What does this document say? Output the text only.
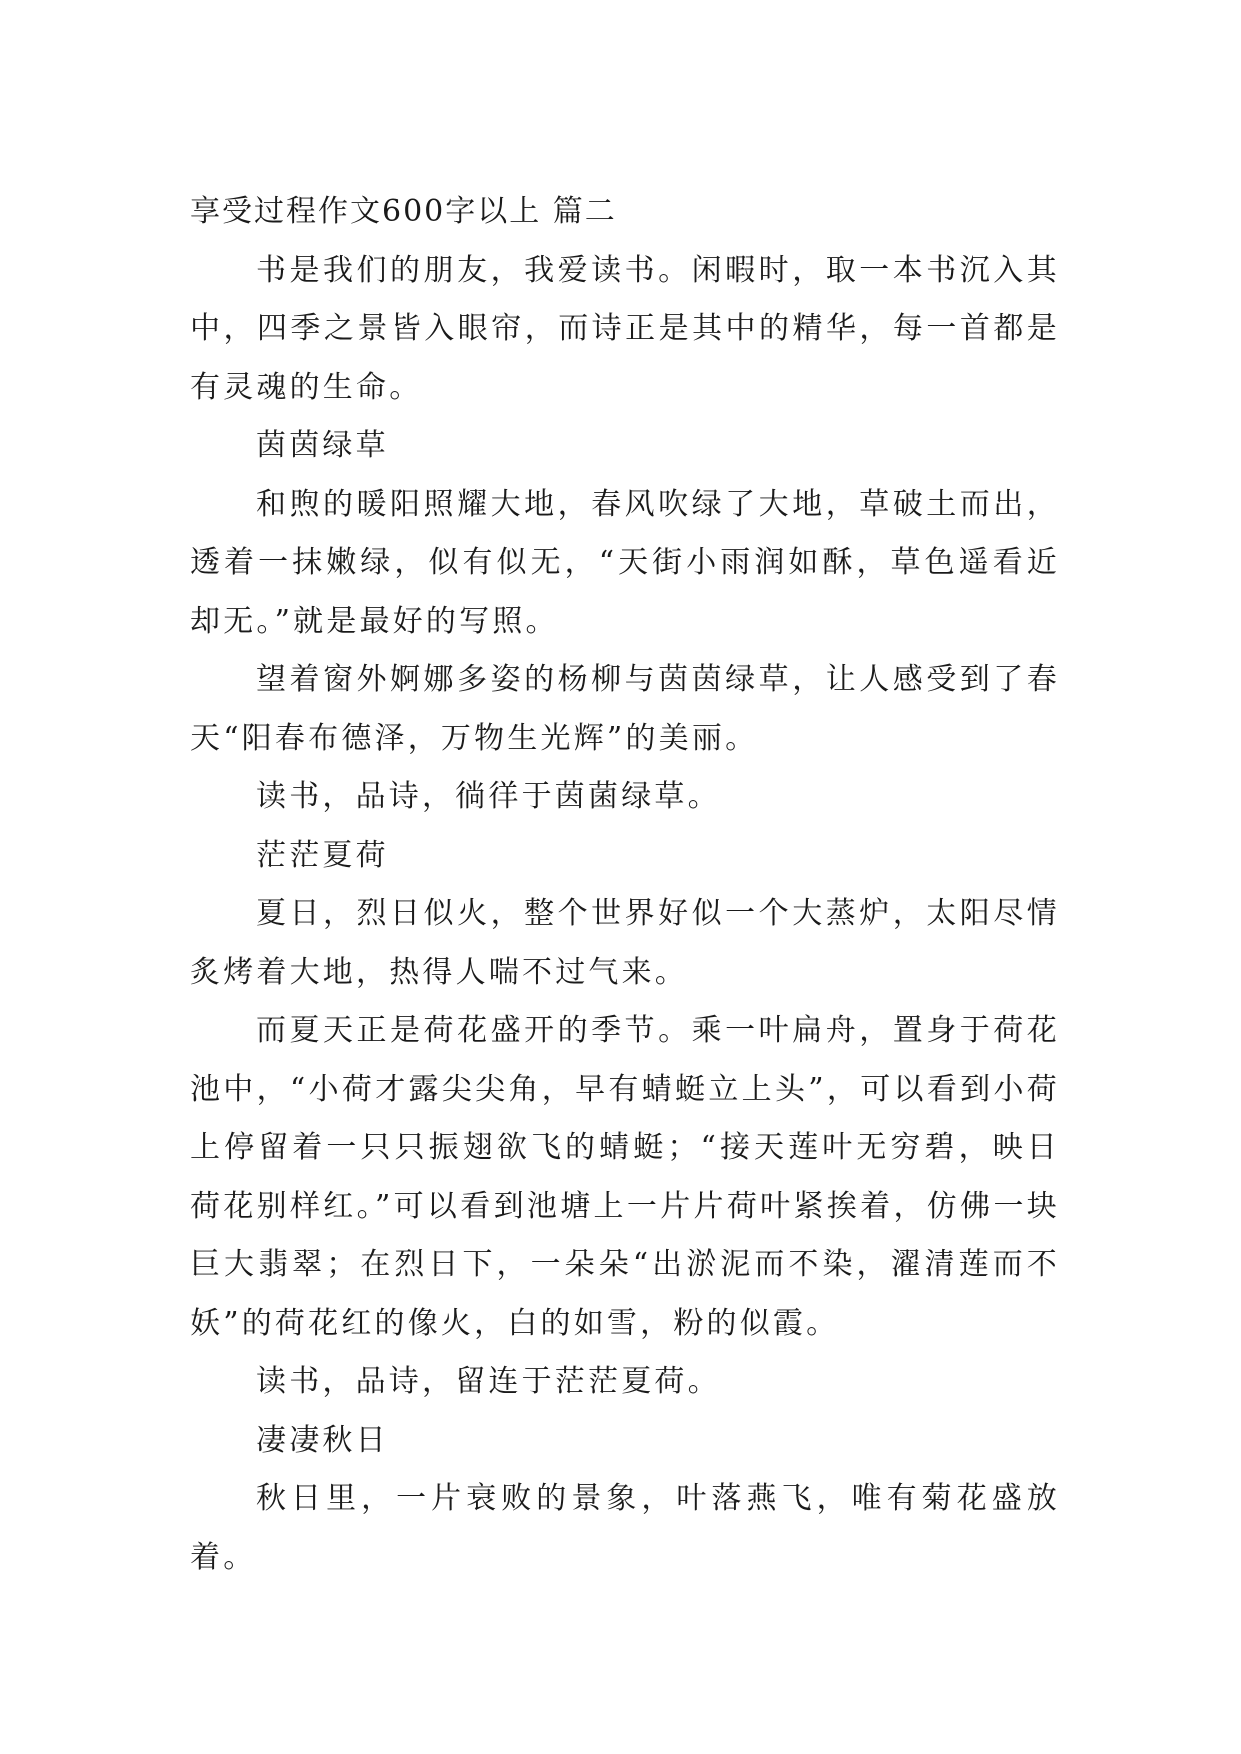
享受过程作文600字以上 篇二

书是我们的朋友，我爱读书。闲暇时，取一本书沉入其中，四季之景皆入眼帘，而诗正是其中的精华，每一首都是有灵魂的生命。

茵茵绿草

和煦的暖阳照耀大地，春风吹绿了大地，草破土而出，透着一抹嫩绿，似有似无，“天街小雨润如酥，草色遥看近却无。”就是最好的写照。

望着窗外婀娜多姿的杨柳与茵茵绿草，让人感受到了春天“阳春布德泽，万物生光辉”的美丽。

读书，品诗，徜徉于茵菌绿草。

茫茫夏荷

夏日，烈日似火，整个世界好似一个大蒸炉，太阳尽情炙烤着大地，热得人喘不过气来。

而夏天正是荷花盛开的季节。乘一叶扁舟，置身于荷花池中，“小荷才露尖尖角，早有蜻蜓立上头”，可以看到小荷上停留着一只只振翅欲飞的蜻蜓；“接天莲叶无穷碧，映日荷花别样红。”可以看到池塘上一片片荷叶紧挨着，仿佛一块巨大翡翠；在烈日下，一朵朵“出淤泥而不染，濯清莲而不妖”的荷花红的像火，白的如雪，粉的似霞。

读书，品诗，留连于茫茫夏荷。

凄凄秋日

秋日里，一片衰败的景象，叶落燕飞，唯有菊花盛放着。
